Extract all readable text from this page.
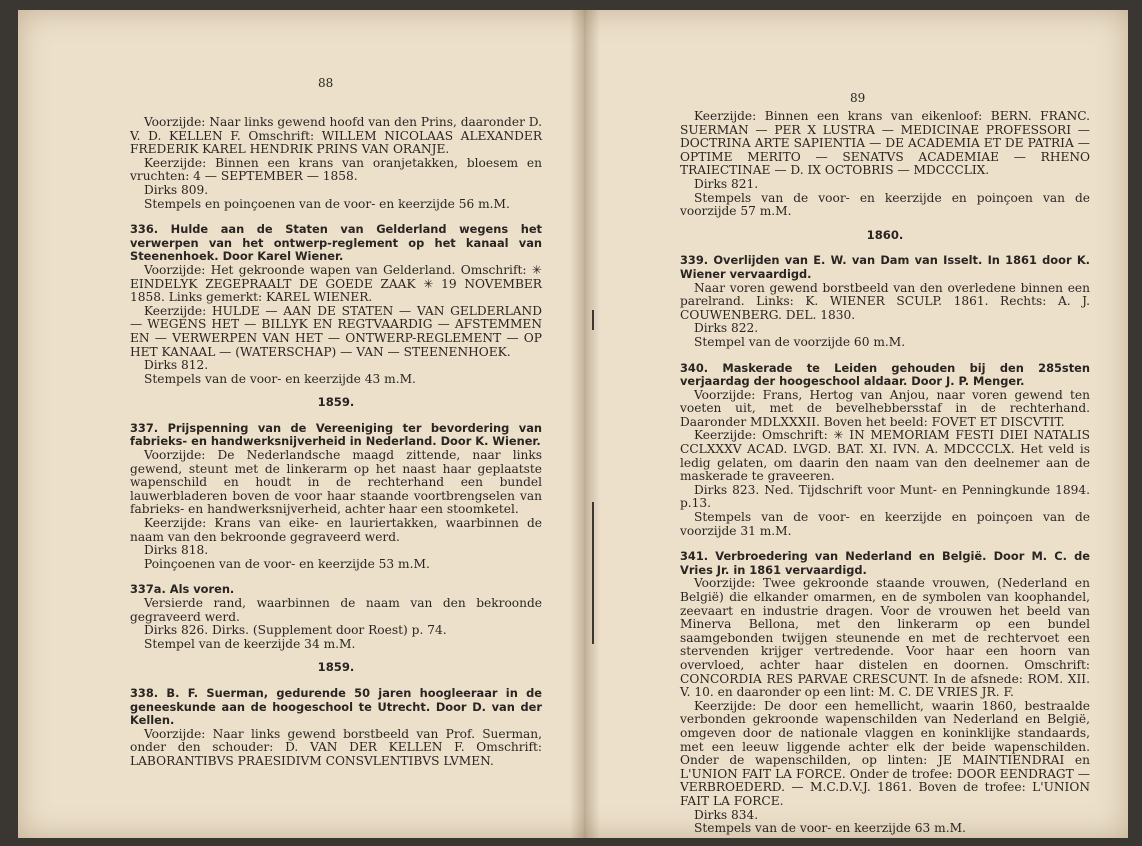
88

Voorzijde: Naar links gewend hoofd van den Prins, daaronder D. V. D. KELLEN F. Omschrift: WILLEM NICOLAAS ALEXANDER FREDERIK KAREL HENDRIK PRINS VAN ORANJE.

Keerzijde: Binnen een krans van oranjetakken, bloesem en vruchten: 4 — SEPTEMBER — 1858.

Dirks 809.

Stempels en poinçoenen van de voor- en keerzijde 56 m.M.

336. Hulde aan de Staten van Gelderland wegens het verwerpen van het ontwerp-reglement op het kanaal van Steenenhoek. Door Karel Wiener.

Voorzijde: Het gekroonde wapen van Gelderland. Omschrift: ✳ EINDELYK ZEGEPRAALT DE GOEDE ZAAK ✳ 19 NOVEMBER 1858. Links gemerkt: KAREL WIENER.

Keerzijde: HULDE — AAN DE STATEN — VAN GELDERLAND — WEGENS HET — BILLYK EN REGTVAARDIG — AFSTEMMEN EN — VERWERPEN VAN HET — ONTWERP-REGLEMENT — OP HET KANAAL — (WATERSCHAP) — VAN — STEENENHOEK.

Dirks 812.

Stempels van de voor- en keerzijde 43 m.M.

1859.

337. Prijspenning van de Vereeniging ter bevordering van fabrieks- en handwerksnijverheid in Nederland. Door K. Wiener.

Voorzijde: De Nederlandsche maagd zittende, naar links gewend, steunt met de linkerarm op het naast haar geplaatste wapenschild en houdt in de rechterhand een bundel lauwerbladeren boven de voor haar staande voortbrengselen van fabrieks- en handwerksnijverheid, achter haar een stoomketel.

Keerzijde: Krans van eike- en lauriertakken, waarbinnen de naam van den bekroonde gegraveerd werd.

Dirks 818.

Poinçoenen van de voor- en keerzijde 53 m.M.

337a. Als voren.

Versierde rand, waarbinnen de naam van den bekroonde gegraveerd werd.

Dirks 826. Dirks. (Supplement door Roest) p. 74.

Stempel van de keerzijde 34 m.M.

1859.

338. B. F. Suerman, gedurende 50 jaren hoogleeraar in de geneeskunde aan de hoogeschool te Utrecht. Door D. van der Kellen.

Voorzijde: Naar links gewend borstbeeld van Prof. Suerman, onder den schouder: D. VAN DER KELLEN F. Omschrift: LABORANTIBVS PRAESIDIVM CONSVLENTIBVS LVMEN.

89

Keerzijde: Binnen een krans van eikenloof: BERN. FRANC. SUERMAN — PER X LUSTRA — MEDICINAE PROFESSORI — DOCTRINA ARTE SAPIENTIA — DE ACADEMIA ET DE PATRIA — OPTIME MERITO — SENATVS ACADEMIAE — RHENO TRAIECTINAE — D. IX OCTOBRIS — MDCCCLIX.

Dirks 821.

Stempels van de voor- en keerzijde en poinçoen van de voorzijde 57 m.M.

1860.

339. Overlijden van E. W. van Dam van Isselt. In 1861 door K. Wiener vervaardigd.

Naar voren gewend borstbeeld van den overledene binnen een parelrand. Links: K. WIENER SCULP. 1861. Rechts: A. J. COUWENBERG. DEL. 1830.

Dirks 822.

Stempel van de voorzijde 60 m.M.

340. Maskerade te Leiden gehouden bij den 285sten verjaardag der hoogeschool aldaar. Door J. P. Menger.

Voorzijde: Frans, Hertog van Anjou, naar voren gewend ten voeten uit, met de bevelhebbersstaf in de rechterhand. Daaronder MDLXXXII. Boven het beeld: FOVET ET DISCVTIT.

Keerzijde: Omschrift: ✳ IN MEMORIAM FESTI DIEI NATALIS CCLXXXV ACAD. LVGD. BAT. XI. IVN. A. MDCCCLX. Het veld is ledig gelaten, om daarin den naam van den deelnemer aan de maskerade te graveeren.

Dirks 823. Ned. Tijdschrift voor Munt- en Penningkunde 1894. p.13.

Stempels van de voor- en keerzijde en poinçoen van de voorzijde 31 m.M.

341. Verbroedering van Nederland en België. Door M. C. de Vries Jr. in 1861 vervaardigd.

Voorzijde: Twee gekroonde staande vrouwen, (Nederland en België) die elkander omarmen, en de symbolen van koophandel, zeevaart en industrie dragen. Voor de vrouwen het beeld van Minerva Bellona, met den linkerarm op een bundel saamgebonden twijgen steunende en met de rechtervoet een stervenden krijger vertredende. Voor haar een hoorn van overvloed, achter haar distelen en doornen. Omschrift: CONCORDIA RES PARVAE CRESCUNT. In de afsnede: ROM. XII. V. 10. en daaronder op een lint: M. C. DE VRIES JR. F.

Keerzijde: De door een hemellicht, waarin 1860, bestraalde verbonden gekroonde wapenschilden van Nederland en België, omgeven door de nationale vlaggen en koninklijke standaards, met een leeuw liggende achter elk der beide wapenschilden. Onder de wapenschilden, op linten: JE MAINTIENDRAI en L'UNION FAIT LA FORCE. Onder de trofee: DOOR EENDRAGT — VERBROEDERD. — M.C.D.V.J. 1861. Boven de trofee: L'UNION FAIT LA FORCE.

Dirks 834.

Stempels van de voor- en keerzijde 63 m.M.
